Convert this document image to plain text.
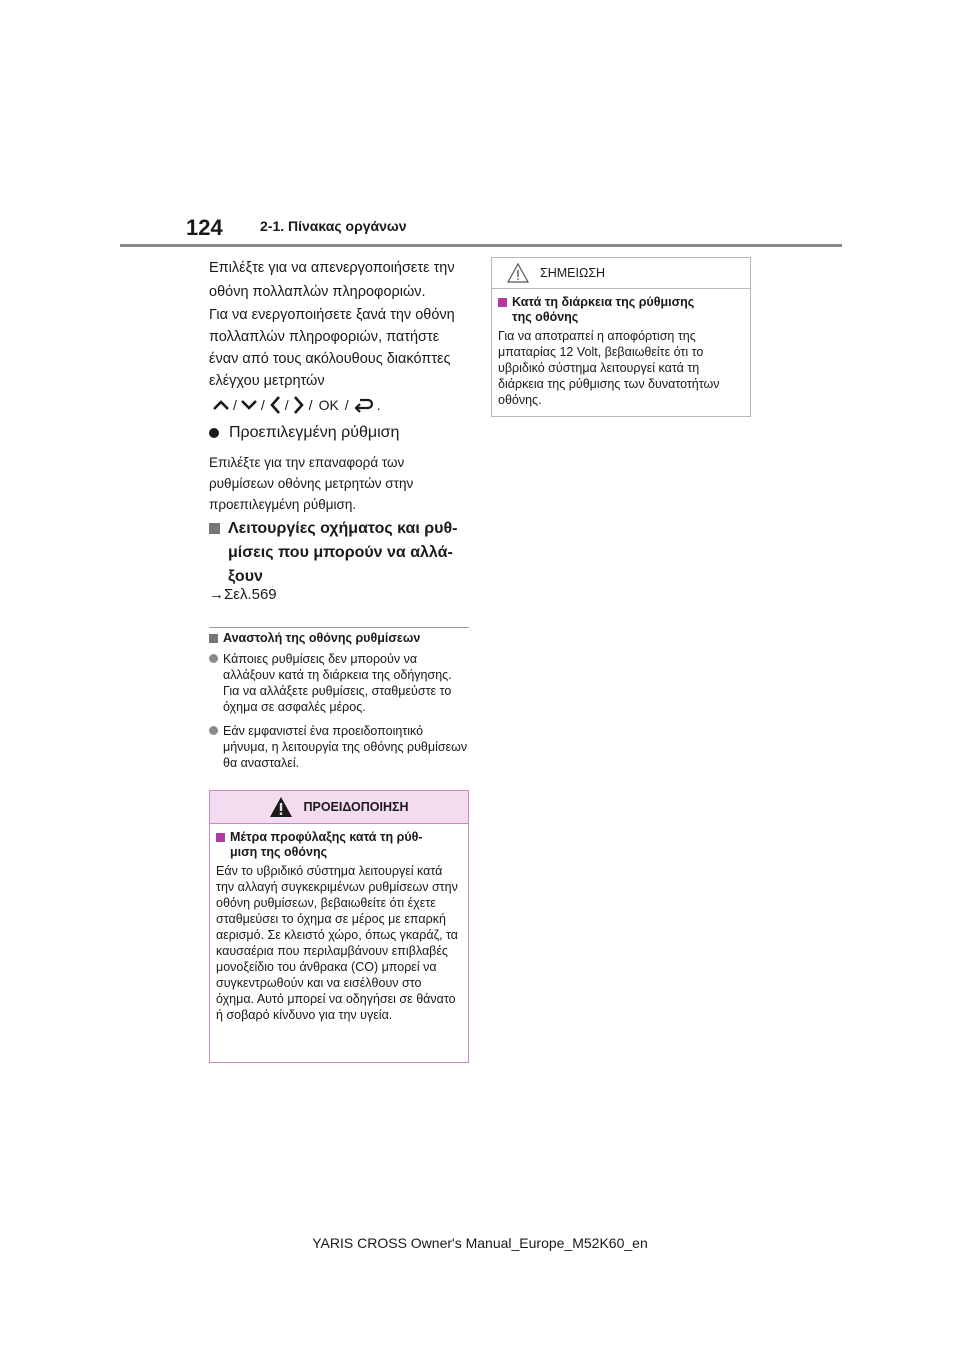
124	2-1. Πίνακας οργάνων

Επιλέξτε για να απενεργοποιήσετε την οθόνη πολλαπλών πληροφοριών.

Για να ενεργοποιήσετε ξανά την οθόνη πολλαπλών πληροφοριών, πατήστε έναν από τους ακόλουθους διακόπτες ελέγχου μετρητών

/ / / / OK / .
Προεπιλεγμένη ρύθμιση

Επιλέξτε για την επαναφορά των ρυθμίσεων οθόνης μετρητών στην προεπιλεγμένη ρύθμιση.

Λειτουργίες οχήματος και ρυθ-
μίσεις που μπορούν να αλλά-
ξουν
→Σελ.569
Αναστολή της οθόνης ρυθμίσεων

Κάποιες ρυθμίσεις δεν μπορούν να αλλάξουν κατά τη διάρκεια της οδήγησης. Για να αλλάξετε ρυθμίσεις, σταθμεύστε το όχημα σε ασφαλές μέρος.

Εάν εμφανιστεί ένα προειδοποιητικό μήνυμα, η λειτουργία της οθόνης ρυθμίσεων θα ανασταλεί.

ΠΡΟΕΙΔΟΠΟΙΗΣΗ
Μέτρα προφύλαξης κατά τη ρύθ-
μιση της οθόνης

Εάν το υβριδικό σύστημα λειτουργεί κατά την αλλαγή συγκεκριμένων ρυθμίσεων στην οθόνη ρυθμίσεων, βεβαιωθείτε ότι έχετε σταθμεύσει το όχημα σε μέρος με επαρκή αερισμό. Σε κλειστό χώρο, όπως γκαράζ, τα καυσαέρια που περιλαμβάνουν επιβλαβές μονοξείδιο του άνθρακα (CO) μπορεί να συγκεντρωθούν και να εισέλθουν στο όχημα. Αυτό μπορεί να οδηγήσει σε θάνατο ή σοβαρό κίνδυνο για την υγεία.

ΣΗΜΕΙΩΣΗ
Κατά τη διάρκεια της ρύθμισης
της οθόνης

Για να αποτραπεί η αποφόρτιση της μπαταρίας 12 Volt, βεβαιωθείτε ότι το υβριδικό σύστημα λειτουργεί κατά τη διάρκεια της ρύθμισης των δυνατοτήτων οθόνης.

YARIS CROSS Owner's Manual_Europe_M52K60_en
